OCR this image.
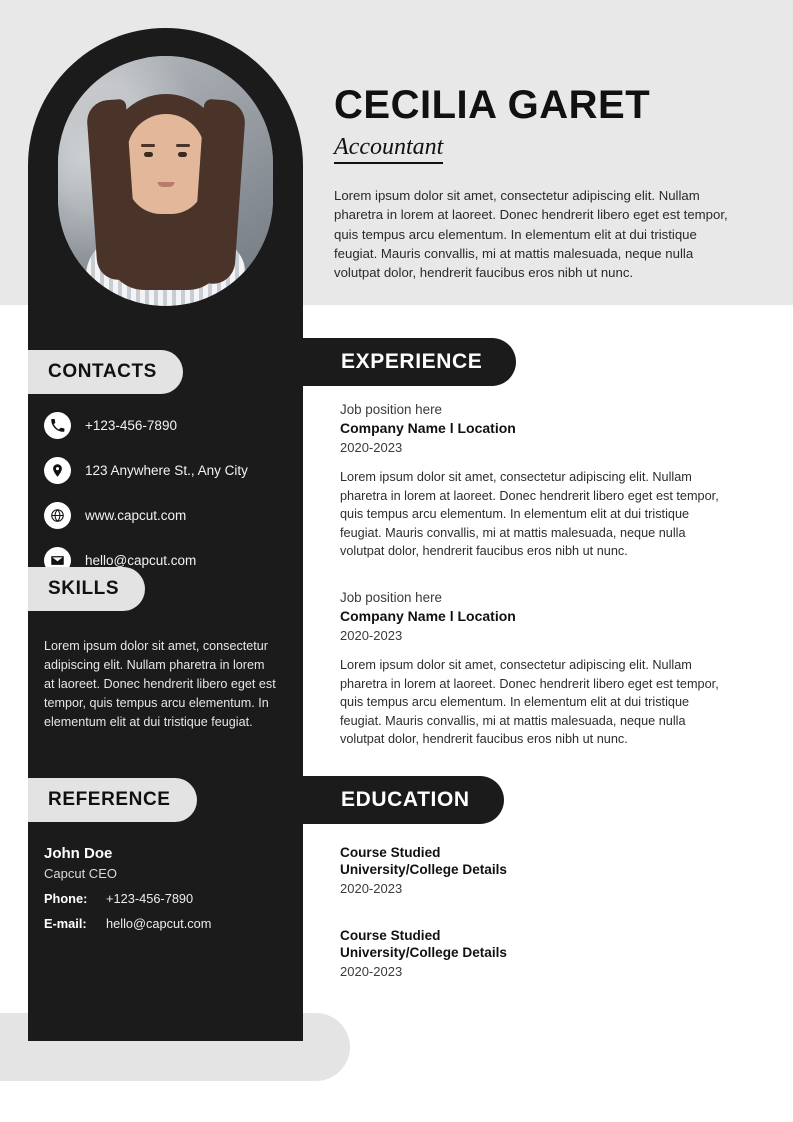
CECILIA GARET
Accountant
Lorem ipsum dolor sit amet, consectetur adipiscing elit. Nullam pharetra in lorem at laoreet. Donec hendrerit libero eget est tempor, quis tempus arcu elementum. In elementum elit at dui tristique feugiat. Mauris convallis, mi at mattis malesuada, neque nulla volutpat dolor, hendrerit faucibus eros nibh ut nunc.
CONTACTS
+123-456-7890
123 Anywhere St., Any City
www.capcut.com
hello@capcut.com
SKILLS
Lorem ipsum dolor sit amet, consectetur adipiscing elit. Nullam pharetra in lorem at laoreet. Donec hendrerit libero eget est tempor, quis tempus arcu elementum. In elementum elit at dui tristique feugiat.
REFERENCE
John Doe
Capcut CEO
Phone:	+123-456-7890
E-mail:	hello@capcut.com
EXPERIENCE
Job position here
Company Name l Location
2020-2023
Lorem ipsum dolor sit amet, consectetur adipiscing elit. Nullam pharetra in lorem at laoreet. Donec hendrerit libero eget est tempor, quis tempus arcu elementum. In elementum elit at dui tristique feugiat. Mauris convallis, mi at mattis malesuada, neque nulla volutpat dolor, hendrerit faucibus eros nibh ut nunc.
Job position here
Company Name l Location
2020-2023
Lorem ipsum dolor sit amet, consectetur adipiscing elit. Nullam pharetra in lorem at laoreet. Donec hendrerit libero eget est tempor, quis tempus arcu elementum. In elementum elit at dui tristique feugiat. Mauris convallis, mi at mattis malesuada, neque nulla volutpat dolor, hendrerit faucibus eros nibh ut nunc.
EDUCATION
Course Studied
University/College Details
2020-2023
Course Studied
University/College Details
2020-2023
